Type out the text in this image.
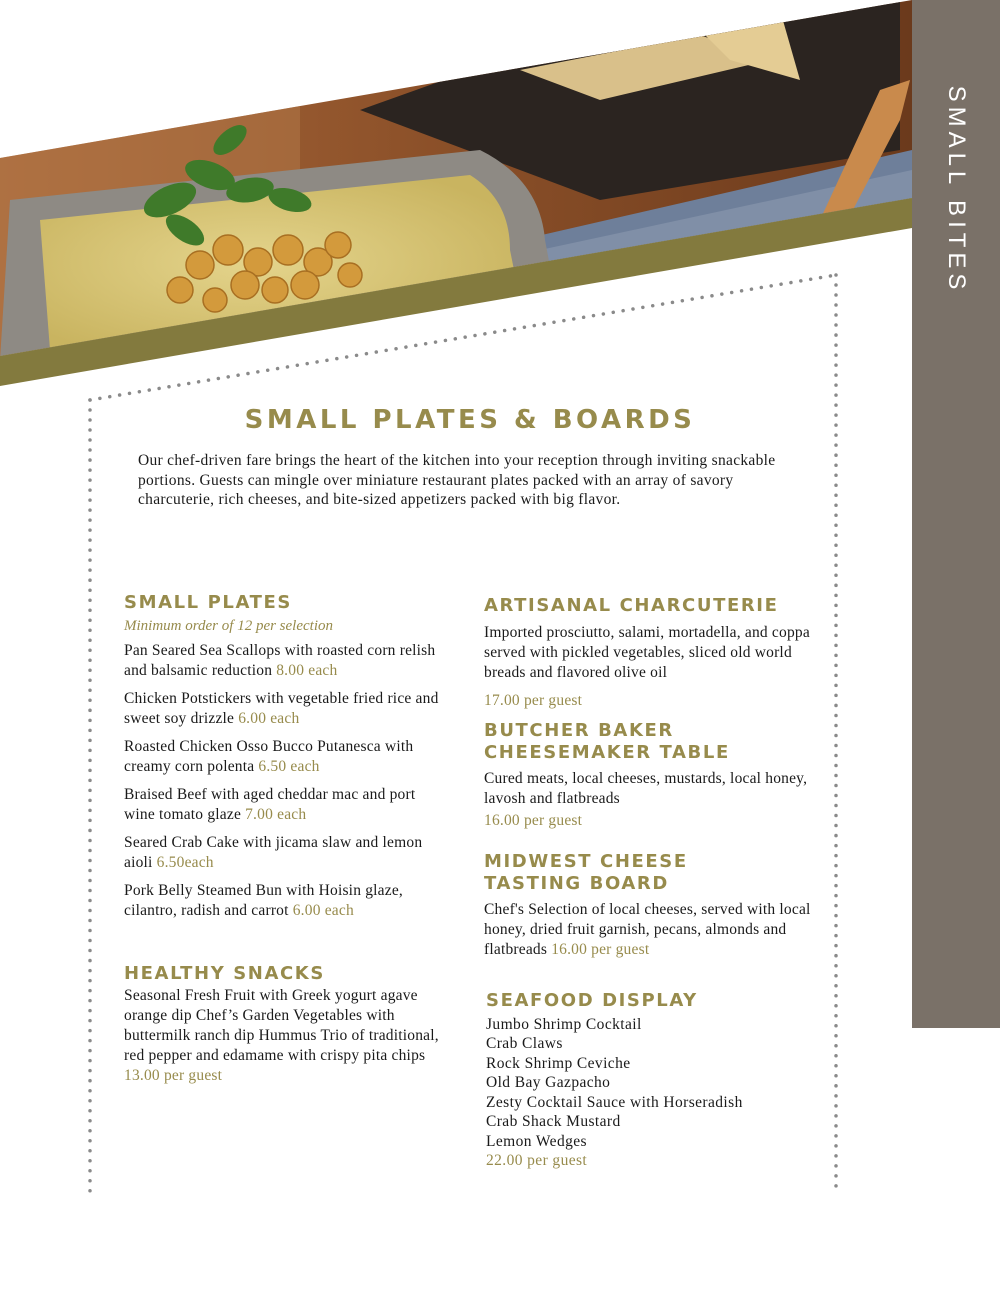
SMALL BITES
SMALL PLATES & BOARDS

Our chef-driven fare brings the heart of the kitchen into your reception through inviting snackable portions. Guests can mingle over miniature restaurant plates packed with an array of savory charcuterie, rich cheeses, and bite-sized appetizers packed with big flavor.

SMALL PLATES

Minimum order of 12 per selection

Pan Seared Sea Scallops with roasted corn relish and balsamic reduction 8.00 each

Chicken Potstickers with vegetable fried rice and sweet soy drizzle 6.00 each

Roasted Chicken Osso Bucco Putanesca with creamy corn polenta 6.50 each

Braised Beef with aged cheddar mac and port wine tomato glaze 7.00 each

Seared Crab Cake with jicama slaw and lemon aioli 6.50each

Pork Belly Steamed Bun with Hoisin glaze, cilantro, radish and carrot 6.00 each

HEALTHY SNACKS

Seasonal Fresh Fruit with Greek yogurt agave orange dip Chef’s Garden Vegetables with buttermilk ranch dip Hummus Trio of traditional, red pepper and edamame with crispy pita chips 13.00 per guest

ARTISANAL CHARCUTERIE

Imported prosciutto, salami, mortadella, and coppa served with pickled vegetables, sliced old world breads and flavored olive oil

17.00 per guest

BUTCHER BAKER
CHEESEMAKER TABLE

Cured meats, local cheeses, mustards, local honey, lavosh and flatbreads

16.00 per guest

MIDWEST CHEESE
TASTING BOARD

Chef's Selection of local cheeses, served with local honey, dried fruit garnish, pecans, almonds and flatbreads 16.00 per guest

SEAFOOD DISPLAY
Jumbo Shrimp Cocktail
Crab Claws
Rock Shrimp Ceviche
Old Bay Gazpacho
Zesty Cocktail Sauce with Horseradish
Crab Shack Mustard
Lemon Wedges
22.00 per guest
